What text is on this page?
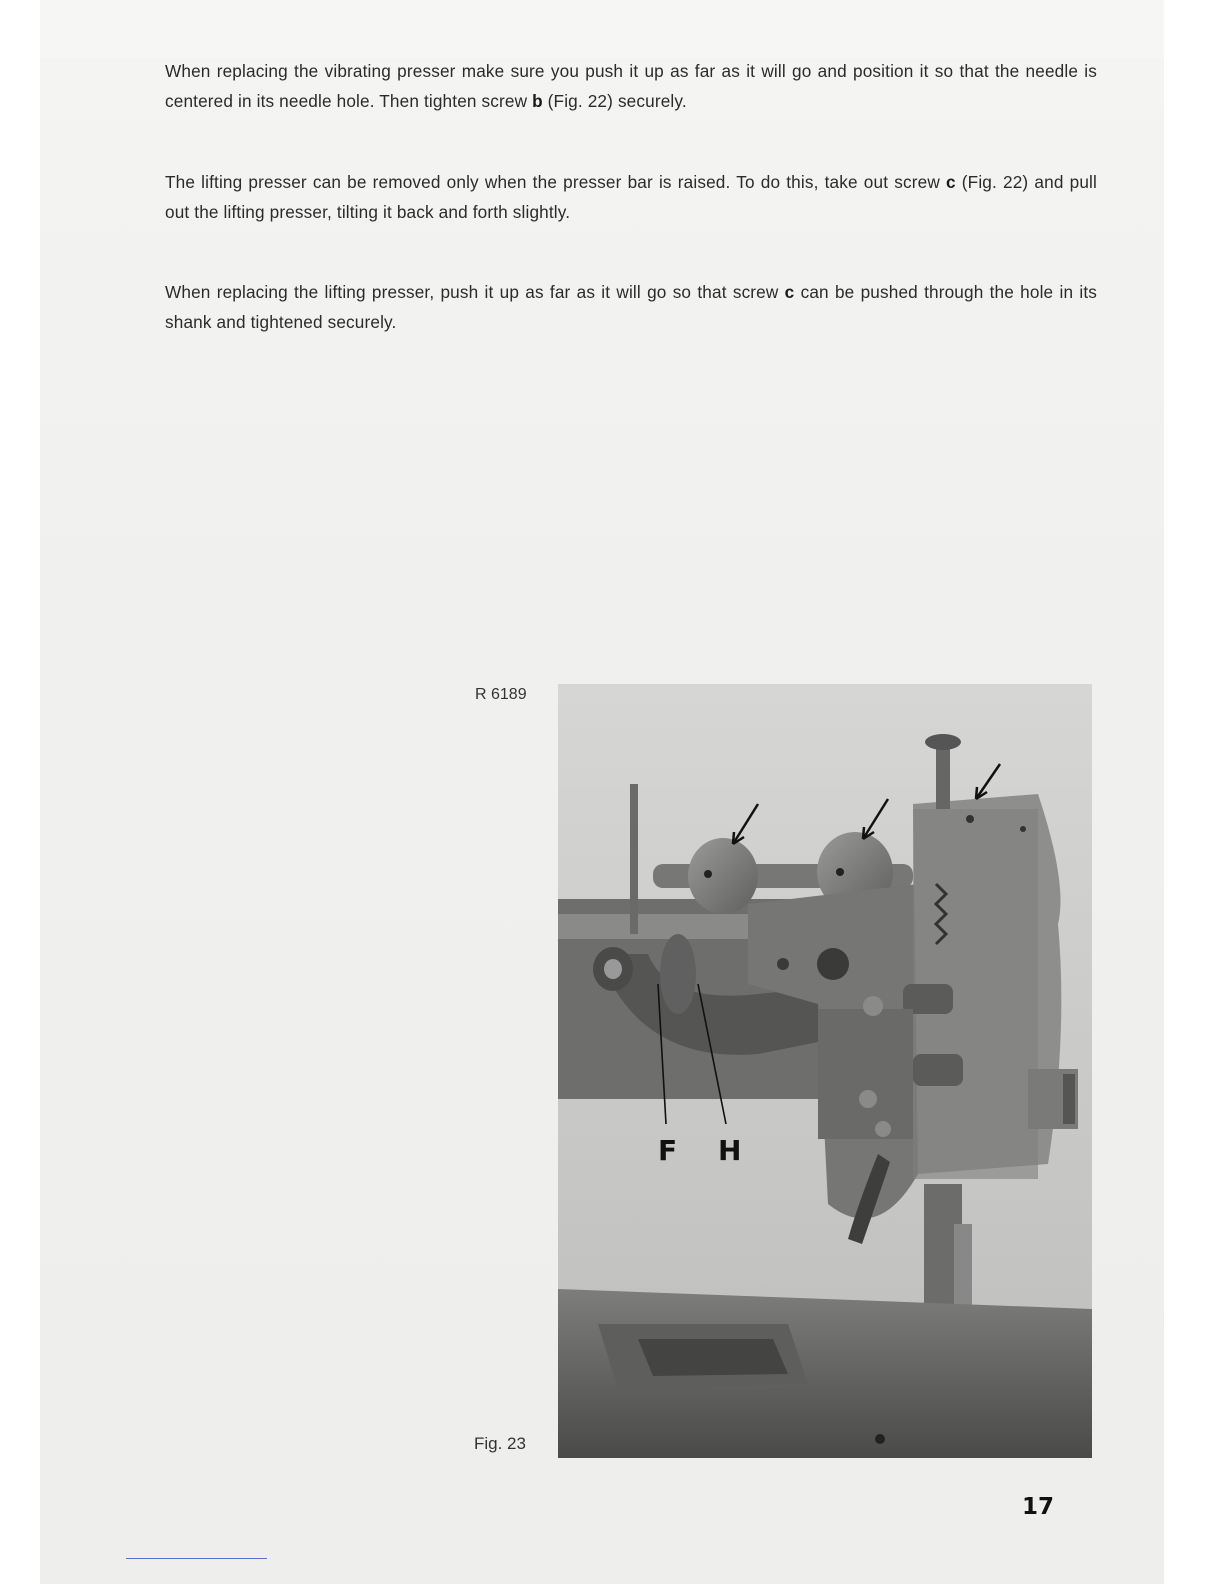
When replacing the vibrating presser make sure you push it up as far as it will go and position it so that the needle is centered in its needle hole. Then tighten screw b (Fig. 22) securely.

The lifting presser can be removed only when the presser bar is raised. To do this, take out screw c (Fig. 22) and pull out the lifting presser, tilting it back and forth slightly.

When replacing the lifting presser, push it up as far as it will go so that screw c can be pushed through the hole in its shank and tightened securely.

R 6189
F H
Fig. 23
17
